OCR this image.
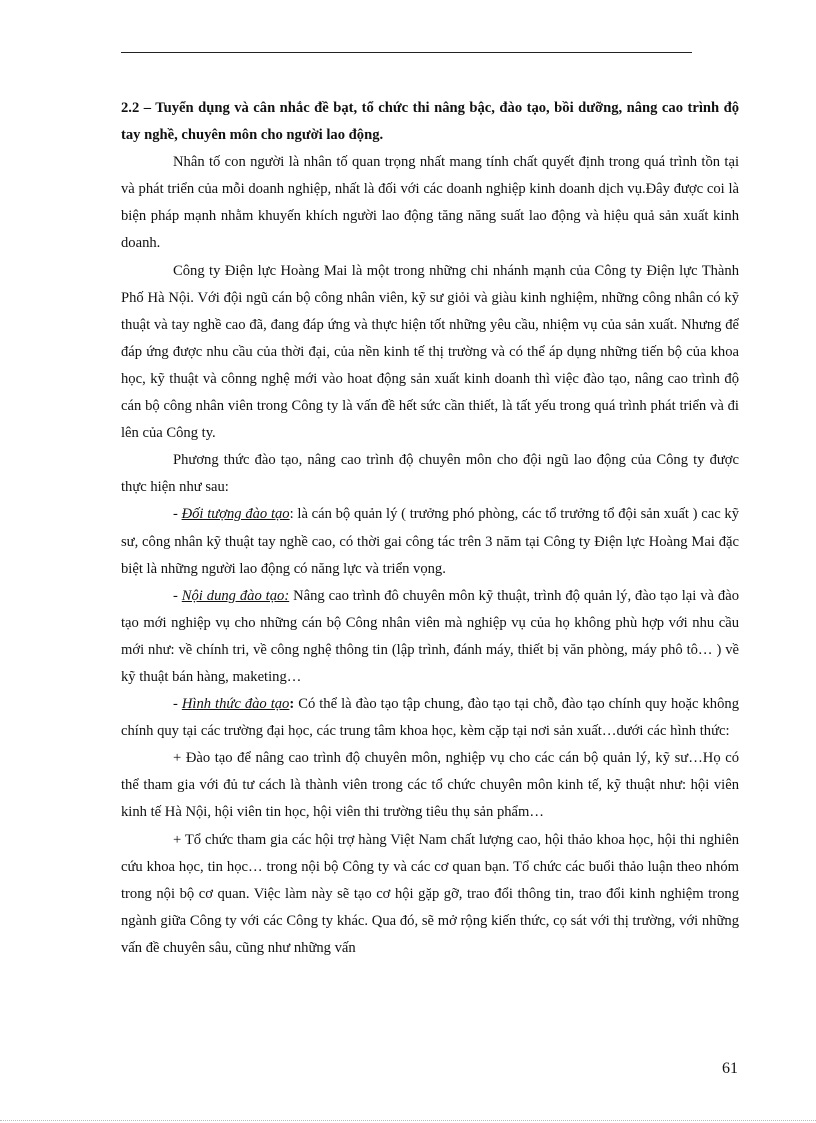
2.2 – Tuyển dụng và cân nhắc đề bạt, tổ chức thi nâng bậc, đào tạo, bồi dưỡng, nâng cao trình độ tay nghề, chuyên môn cho người lao động.

Nhân tố con người là nhân tố quan trọng nhất mang tính chất quyết định trong quá trình tồn tại và phát triển của mỗi doanh nghiệp, nhất là đối với các doanh nghiệp kinh doanh dịch vụ.Đây được coi là biện pháp mạnh nhằm khuyến khích người lao động tăng năng suất lao động và hiệu quả sản xuất kinh doanh.

Công ty Điện lực Hoàng Mai là một trong những chi nhánh mạnh của Công ty Điện lực Thành Phố Hà Nội. Với đội ngũ cán bộ công nhân viên, kỹ sư giỏi và giàu kinh nghiệm, những công nhân có kỹ thuật và tay nghề cao đã, đang đáp ứng và thực hiện tốt những yêu cầu, nhiệm vụ của sản xuất. Nhưng để đáp ứng được nhu cầu của thời đại, của nền kinh tế thị trường và có thể áp dụng những tiến bộ của khoa học, kỹ thuật và cônng nghệ mới vào hoat động sản xuất kinh doanh thì việc đào tạo, nâng cao trình độ cán bộ công nhân viên trong Công ty là vấn đề hết sức cần thiết, là tất yếu trong quá trình phát triển và đi lên của Công ty.

Phương thức đào tạo, nâng cao trình độ chuyên môn cho đội ngũ lao động của Công ty được thực hiện như sau:

- Đối tượng đào tạo: là cán bộ quản lý ( trưởng phó phòng, các tổ trưởng tổ đội sản xuất ) cac kỹ sư, công nhân kỹ thuật tay nghề cao, có thời gai công tác trên 3 năm tại Công ty Điện lực Hoàng Mai đặc biệt là những người lao động có năng lực và triển vọng.

- Nội dung đào tạo: Nâng cao trình đô chuyên môn kỹ thuật, trình độ quản lý, đào tạo lại và đào tạo mới nghiệp vụ cho những cán bộ Công nhân viên mà nghiệp vụ của họ không phù hợp với nhu cầu mới như: về chính tri, về công nghệ thông tin (lập trình, đánh máy, thiết bị văn phòng, máy phô tô… ) về kỹ thuật bán hàng, maketing…

- Hình thức đào tạo: Có thể là đào tạo tập chung, đào tạo tại chỗ, đào tạo chính quy hoặc không chính quy tại các trường đại học, các trung tâm khoa học, kèm cặp tại nơi sản xuất…dưới các hình thức:

+ Đào tạo để nâng cao trình độ chuyên môn, nghiệp vụ cho các cán bộ quản lý, kỹ sư…Họ có thể tham gia với đủ tư cách là thành viên trong các tổ chức chuyên môn kinh tế, kỹ thuật như: hội viên kinh tế Hà Nội, hội viên tin học, hội viên thi trường tiêu thụ sản phẩm…

+ Tổ chức tham gia các hội trợ hàng Việt Nam chất lượng cao, hội thảo khoa học, hội thi nghiên cứu khoa học, tin học… trong nội bộ Công ty và các cơ quan bạn. Tổ chức các buổi thảo luận theo nhóm trong nội bộ cơ quan. Việc làm này sẽ tạo cơ hội gặp gỡ, trao đổi thông tin, trao đổi kinh nghiệm trong ngành giữa Công ty với các Công ty khác. Qua đó, sẽ mở rộng kiến thức, cọ sát với thị trường, với những vấn đề chuyên sâu, cũng như những vấn

61
